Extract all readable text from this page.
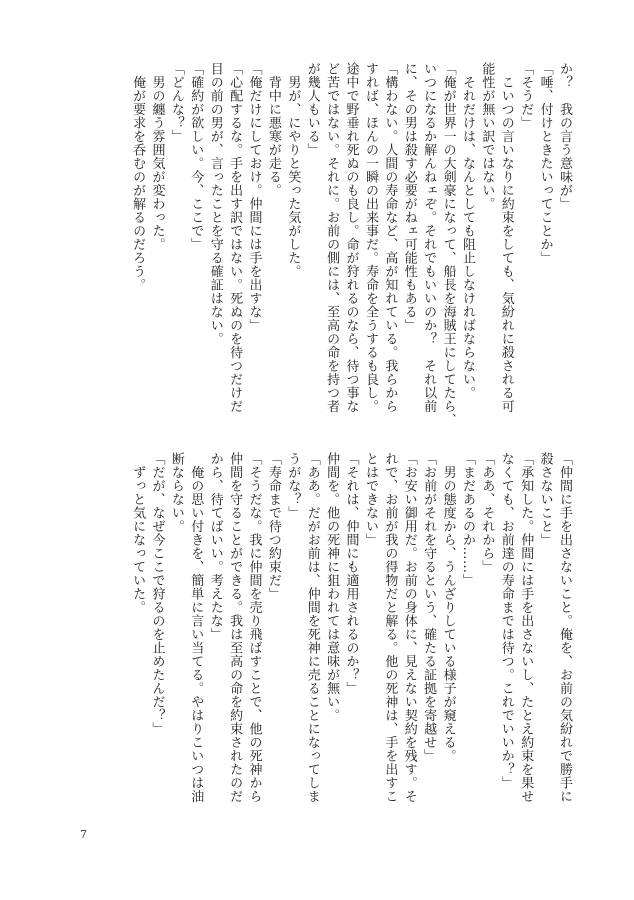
か？　我の言う意味が」
「唾、付けときたいってことか」
「そうだ」
　こいつの言いなりに約束をしても、気紛れに殺される可
能性が無い訳ではない。
　それだけは、なんとしても阻止しなければならない。
「俺が世界一の大剣豪になって、船長を海賊王にしてたら、
いつになるか解んねェぞ。それでもいいのか？　それ以前
に、その男は殺す必要がねェ可能性もある」
「構わない。人間の寿命など、高が知れている。我らから
すれば、ほんの一瞬の出来事だ。寿命を全うするも良し。
途中で野垂れ死ぬのも良し。命が狩れるのなら、待つ事な
ど苦ではない。それに。お前の側には、至高の命を持つ者
が幾人もいる」
　男が、にやりと笑った気がした。
　背中に悪寒が走る。
「俺だけにしておけ。仲間には手を出すな」
「心配するな。手を出す訳ではない。死ぬのを待つだけだ
目の前の男が、言ったことを守る確証はない。
「確約が欲しい。今、ここで」
「どんな？」
　男の纏う雰囲気が変わった。
　俺が要求を呑むのが解るのだろう。
「仲間に手を出さないこと。俺を、お前の気紛れで勝手に
殺さないこと」
「承知した。仲間には手を出さないし、たとえ約束を果せ
なくても、お前達の寿命までは待つ。これでいいか？」
「ああ、それから」
「まだあるのか……」
　男の態度から、うんざりしている様子が窺える。
「お前がそれを守るという、確たる証拠を寄越せ」
「お安い御用だ。お前の身体に、見えない契約を残す。そ
れで、お前が我の得物だと解る。他の死神は、手を出すこ
とはできない」
「それは、仲間にも適用されるのか？」
仲間を。他の死神に狙われては意味が無い。
「ああ。だがお前は、仲間を死神に売ることになってしま
うがな？」
「寿命まで待つ約束だ」
「そうだな。我に仲間を売り飛ばすことで、他の死神から
仲間を守ることができる。我は至高の命を約束されたのだ
から、待てばいい。考えたな」
　俺の思い付きを、簡単に言い当てる。やはりこいつは油
断ならない。
「だが、なぜ今ここで狩るのを止めたんだ？」
　ずっと気になっていた。
7
